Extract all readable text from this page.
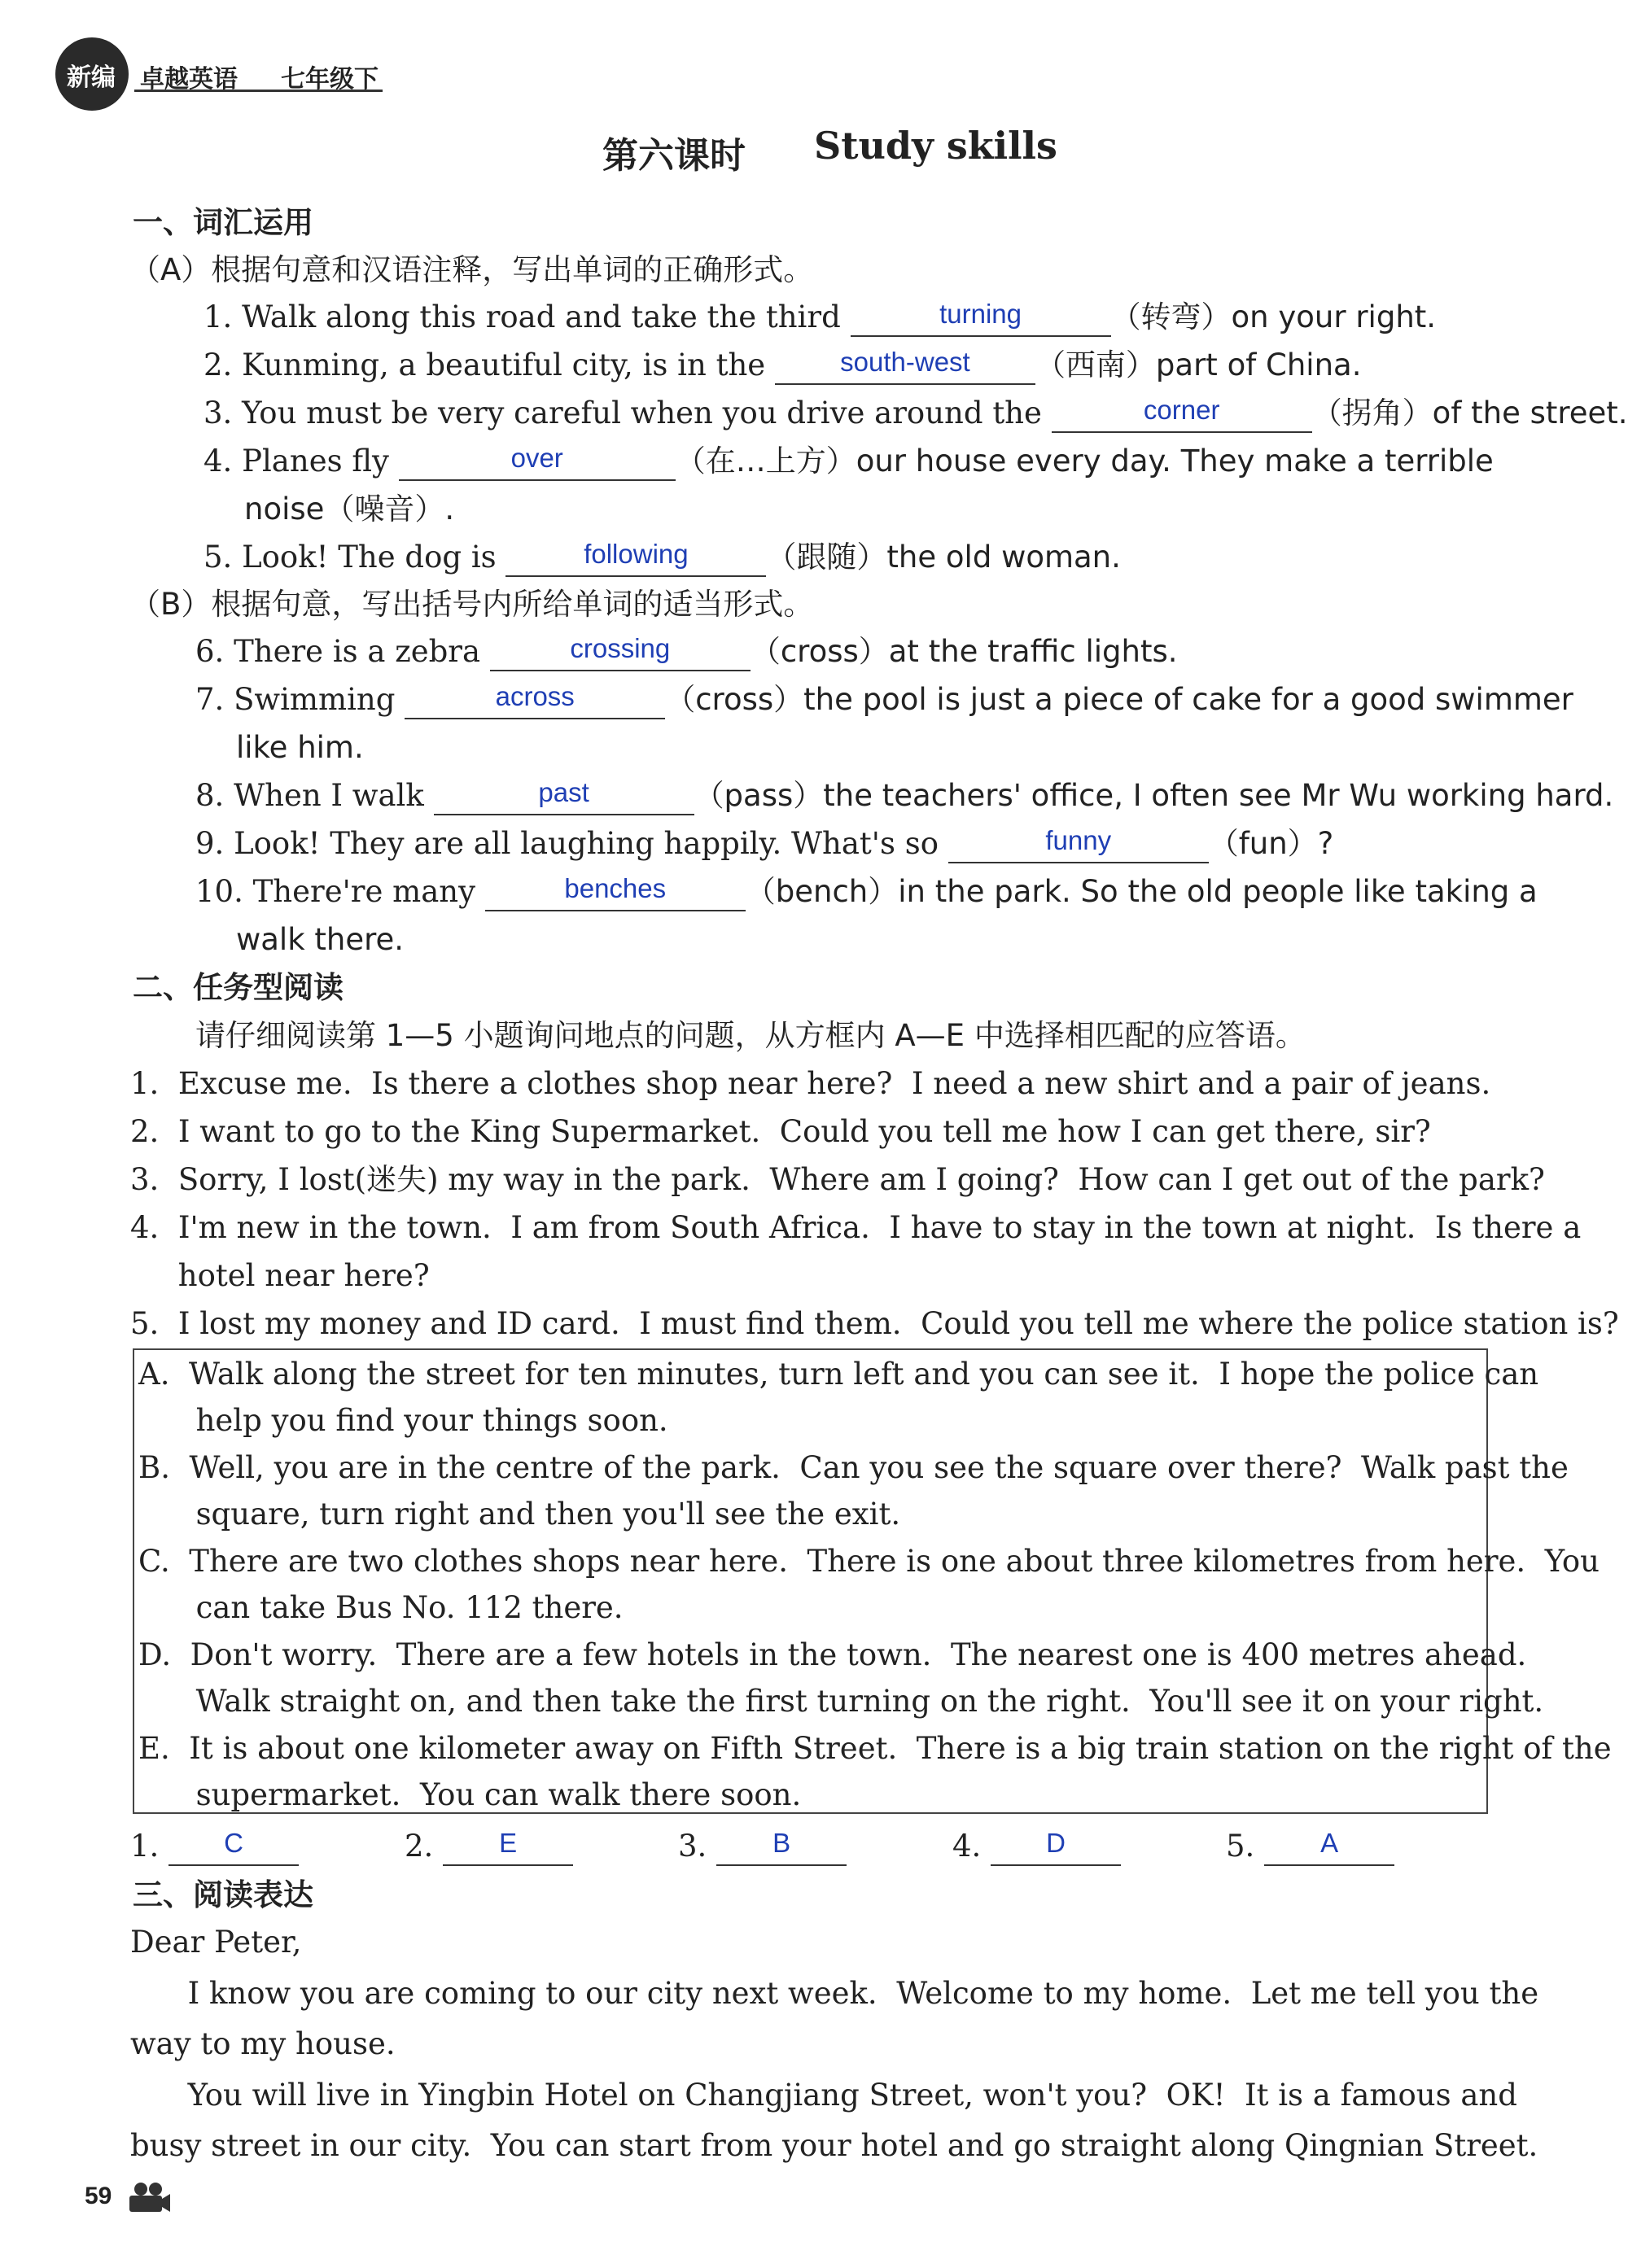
新编 卓越英语 七年级下
第六课时 Study skills
一、词汇运用
（A）根据句意和汉语注释，写出单词的正确形式。
1. Walk along this road and take the third	turning	（转弯）on your right.
2. Kunming, a beautiful city, is in the	south-west	（西南）part of China.
3. You must be very careful when you drive around the	corner	（拐角）of the street.
4. Planes fly	over	（在…上方）our house every day. They make a terrible
noise（噪音）.
5. Look! The dog is	following	（跟随）the old woman.
6. There is a zebra	crossing	（cross）at the traffic lights.
7. Swimming	across	（cross）the pool is just a piece of cake for a good swimmer
like him.
8. When I walk	past	（pass）the teachers' office, I often see Mr Wu working hard.
9. Look! They are all laughing happily. What's so	funny	（fun）?
10. There're many	benches	（bench）in the park. So the old people like taking a
walk there.
（B）根据句意，写出括号内所给单词的适当形式。
二、任务型阅读
请仔细阅读第 1—5 小题询问地点的问题，从方框内 A—E 中选择相匹配的应答语。
1.  Excuse me.  Is there a clothes shop near here?  I need a new shirt and a pair of jeans.
2.  I want to go to the King Supermarket.  Could you tell me how I can get there, sir?
3.  Sorry, I lost(迷失) my way in the park.  Where am I going?  How can I get out of the park?
4.  I'm new in the town.  I am from South Africa.  I have to stay in the town at night.  Is there a
hotel near here?
5.  I lost my money and ID card.  I must find them.  Could you tell me where the police station is?
A.  Walk along the street for ten minutes, turn left and you can see it.  I hope the police can
help you find your things soon.
B.  Well, you are in the centre of the park.  Can you see the square over there?  Walk past the
square, turn right and then you'll see the exit.
C.  There are two clothes shops near here.  There is one about three kilometres from here.  You
can take Bus No. 112 there.
D.  Don't worry.  There are a few hotels in the town.  The nearest one is 400 metres ahead.
Walk straight on, and then take the first turning on the right.  You'll see it on your right.
E.  It is about one kilometer away on Fifth Street.  There is a big train station on the right of the
supermarket.  You can walk there soon.
1.	C	2.	E	3.	B	4.	D	5.	A
三、阅读表达
Dear Peter,
I know you are coming to our city next week.  Welcome to my home.  Let me tell you the
way to my house.
You will live in Yingbin Hotel on Changjiang Street, won't you?  OK!  It is a famous and
busy street in our city.  You can start from your hotel and go straight along Qingnian Street.
59
